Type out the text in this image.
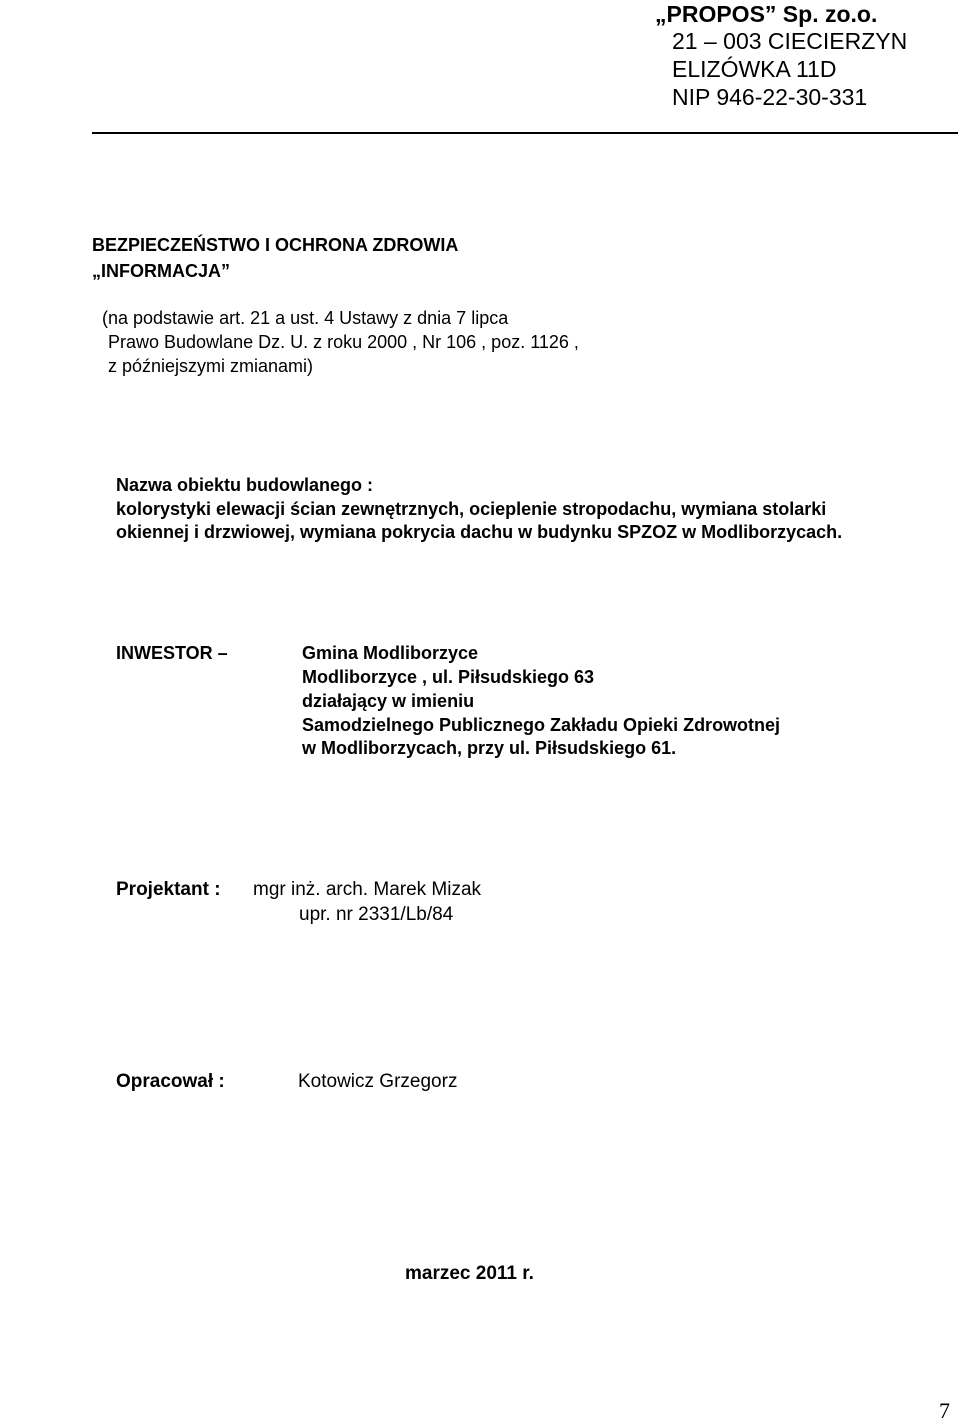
„PROPOS” Sp. zo.o.
21 – 003 CIECIERZYN
ELIZÓWKA 11D
NIP 946-22-30-331
BEZPIECZEŃSTWO I OCHRONA ZDROWIA
„INFORMACJA”
(na podstawie art. 21 a ust. 4 Ustawy z dnia 7 lipca
Prawo Budowlane Dz. U. z roku 2000 , Nr 106 , poz. 1126 ,
z późniejszymi zmianami)
Nazwa obiektu budowlanego :
kolorystyki elewacji ścian zewnętrznych, ocieplenie stropodachu, wymiana stolarki
okiennej i drzwiowej, wymiana pokrycia dachu w budynku SPZOZ w Modliborzycach.
INWESTOR –	Gmina Modliborzyce
Modliborzyce , ul. Piłsudskiego 63
działający w imieniu
Samodzielnego Publicznego Zakładu Opieki Zdrowotnej
w Modliborzycach, przy ul. Piłsudskiego 61.
Projektant : mgr inż. arch. Marek Mizak
upr. nr 2331/Lb/84
Opracował :	Kotowicz Grzegorz
marzec 2011 r.
7
